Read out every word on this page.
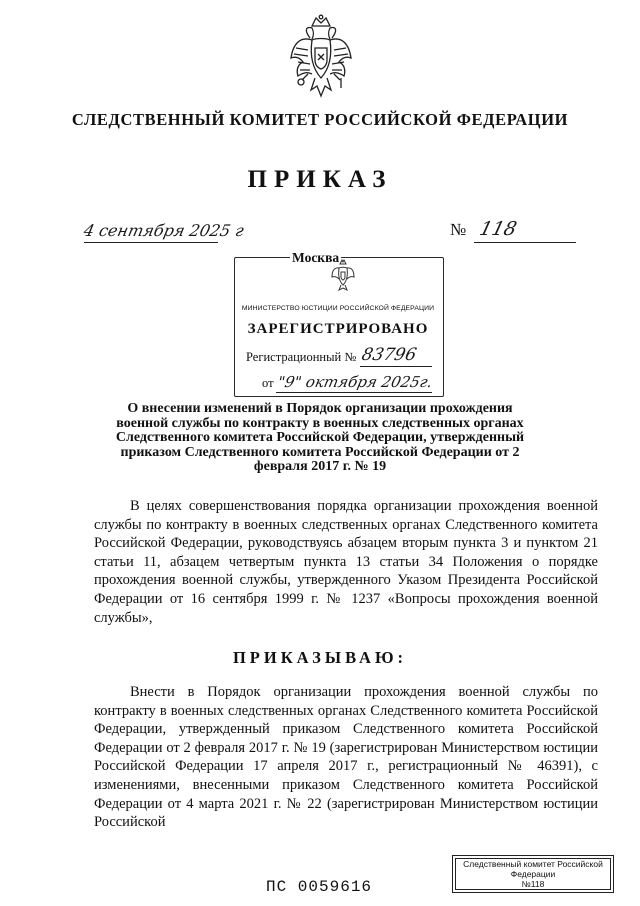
СЛЕДСТВЕННЫЙ КОМИТЕТ РОССИЙСКОЙ ФЕДЕРАЦИИ
ПРИКАЗ
4 сентября 2025 г	№ 118
Москва
МИНИСТЕРСТВО ЮСТИЦИИ РОССИЙСКОЙ ФЕДЕРАЦИИ
ЗАРЕГИСТРИРОВАНО
Регистрационный № 83796
от "9" октября 2025г.
О внесении изменений в Порядок организации прохождения военной службы по контракту в военных следственных органах Следственного комитета Российской Федерации, утвержденный приказом Следственного комитета Российской Федерации от 2 февраля 2017 г. № 19

В целях совершенствования порядка организации прохождения военной службы по контракту в военных следственных органах Следственного комитета Российской Федерации, руководствуясь абзацем вторым пункта 3 и пунктом 21 статьи 11, абзацем четвертым пункта 13 статьи 34 Положения о порядке прохождения военной службы, утвержденного Указом Президента Российской Федерации от 16 сентября 1999 г. № 1237 «Вопросы прохождения военной службы»,

ПРИКАЗЫВАЮ:

Внести в Порядок организации прохождения военной службы по контракту в военных следственных органах Следственного комитета Российской Федерации, утвержденный приказом Следственного комитета Российской Федерации от 2 февраля 2017 г. № 19 (зарегистрирован Министерством юстиции Российской Федерации 17 апреля 2017 г., регистрационный № 46391), с изменениями, внесенными приказом Следственного комитета Российской Федерации от 4 марта 2021 г. № 22 (зарегистрирован Министерством юстиции Российской

ПС 0059616
Следственный комитет Российской
Федерации
№118
